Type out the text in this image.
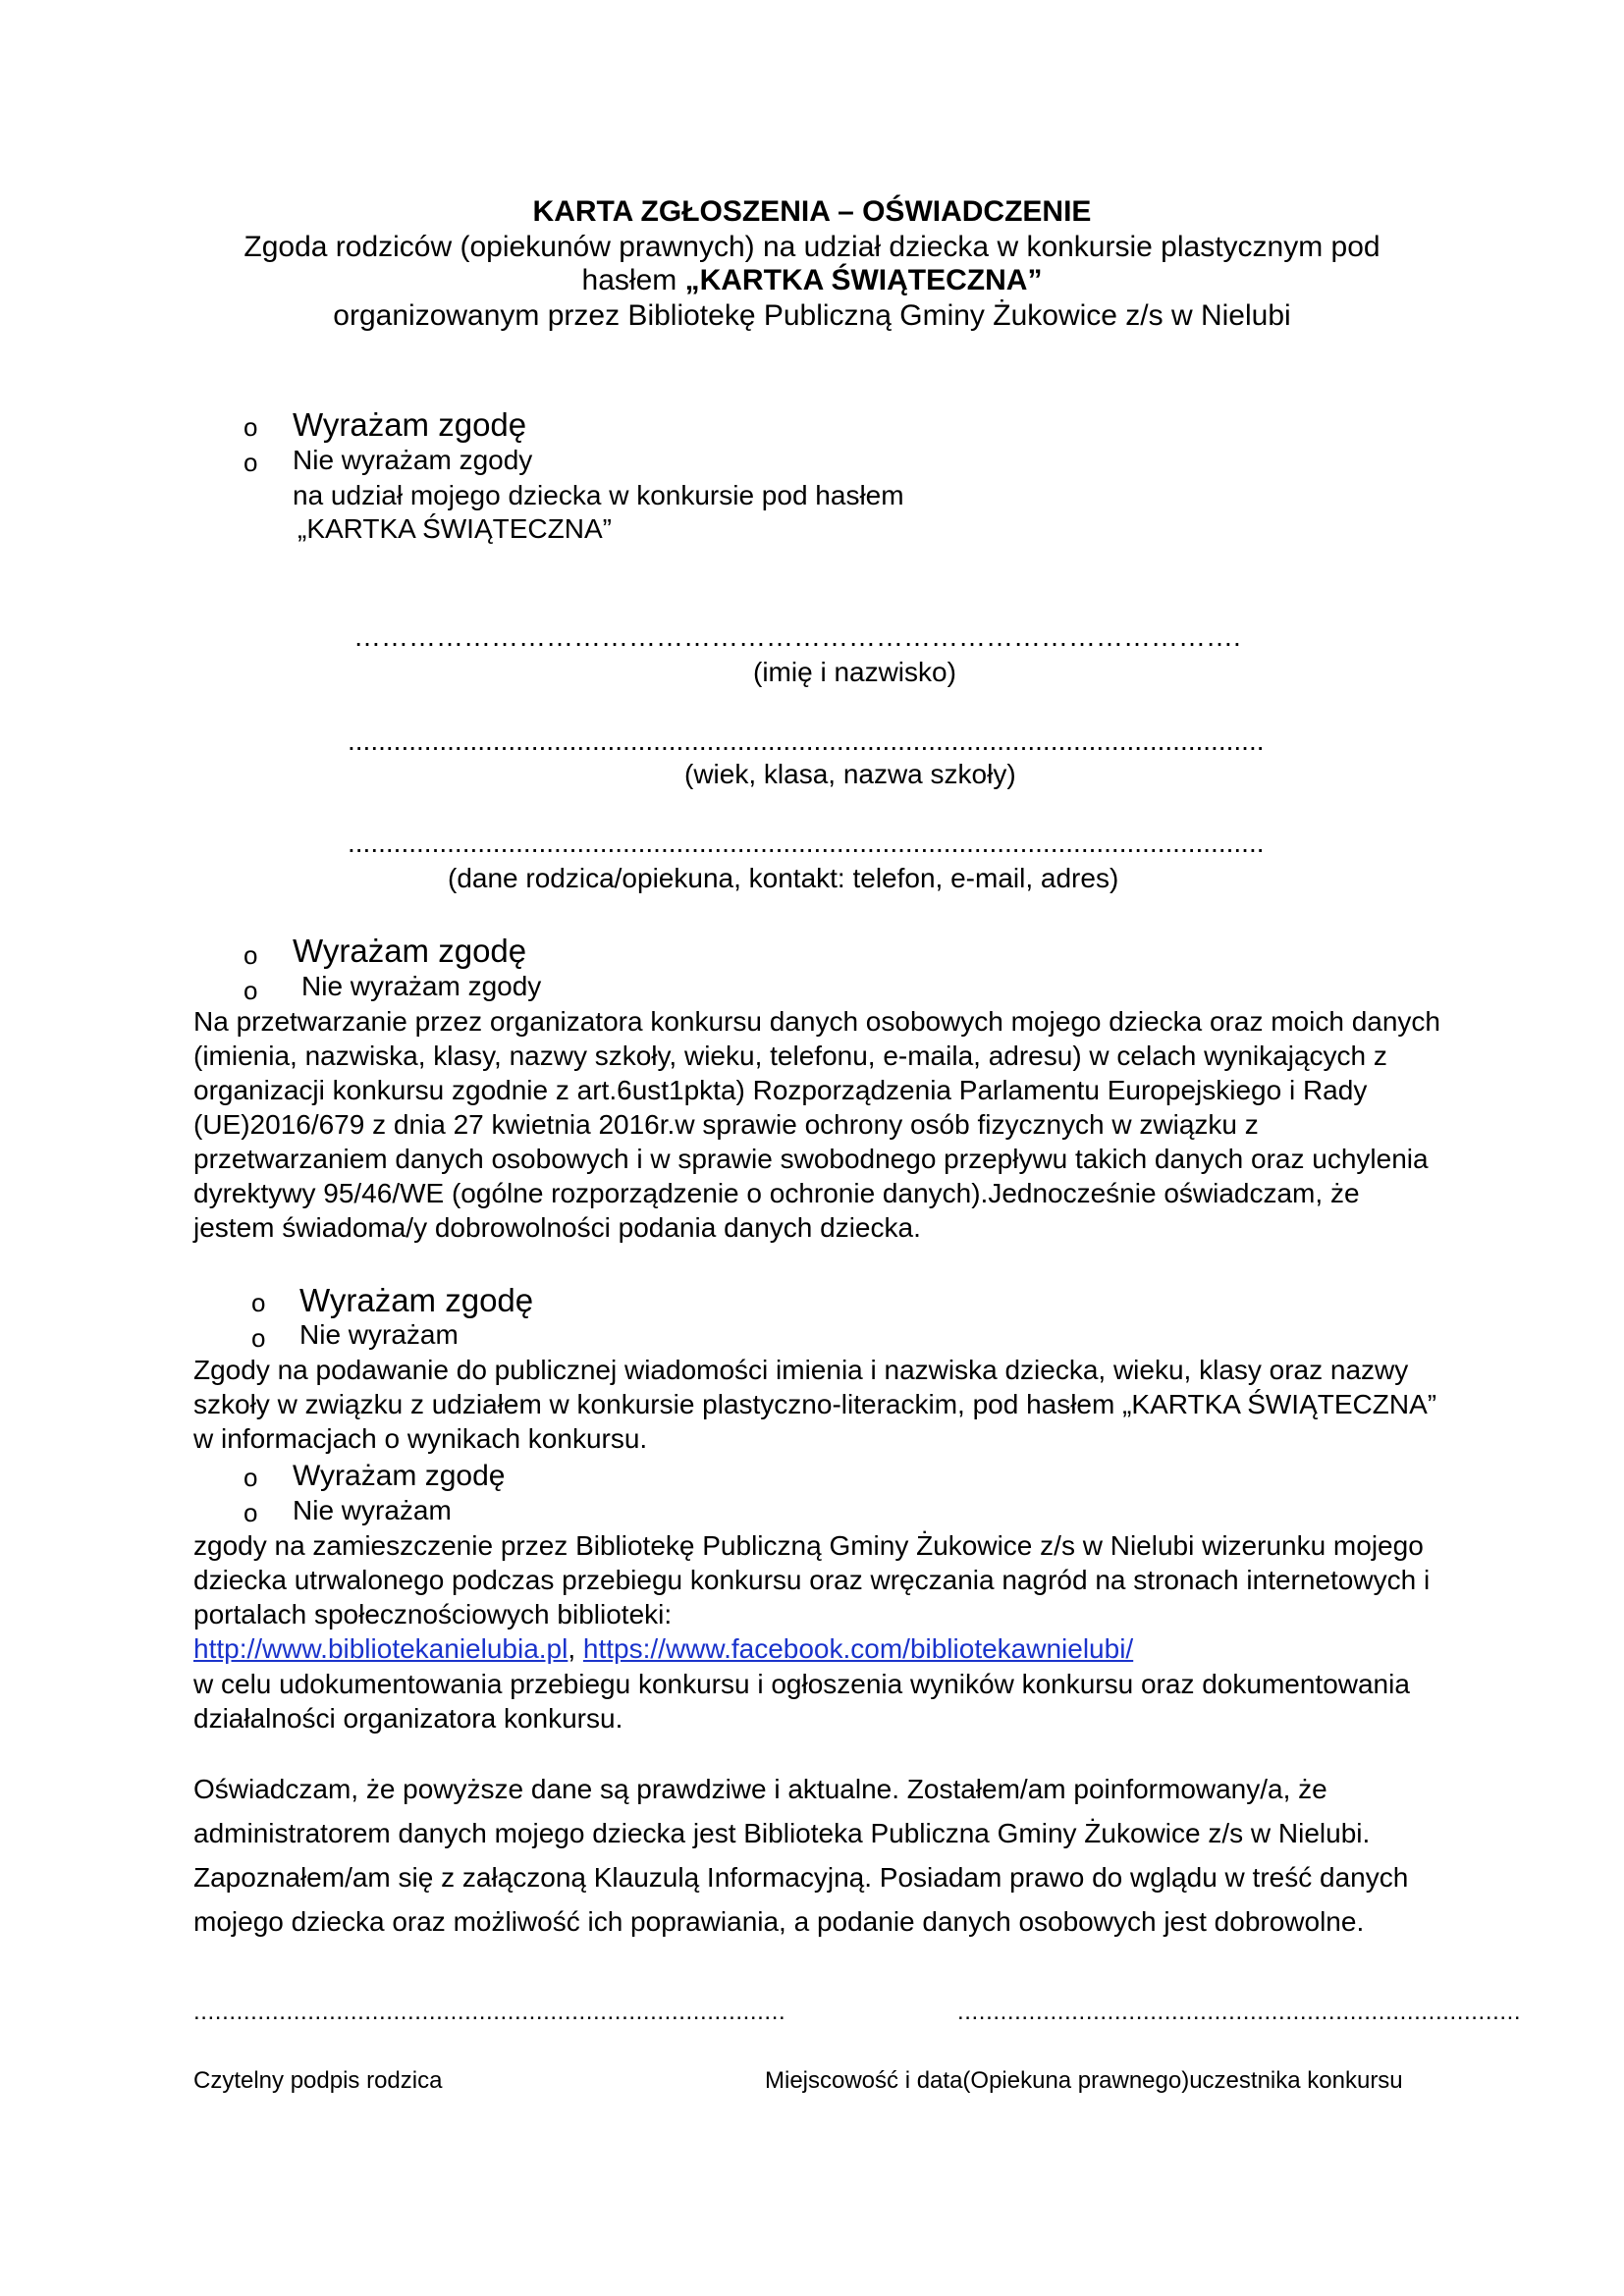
KARTA ZGŁOSZENIA – OŚWIADCZENIE
Zgoda rodziców (opiekunów prawnych) na udział dziecka w konkursie plastycznym pod
hasłem „KARTKA ŚWIĄTECZNA”
organizowanym przez Bibliotekę Publiczną Gminy Żukowice z/s w Nielubi
o Wyrażam zgodę
o Nie wyrażam zgody
na udział mojego dziecka w konkursie pod hasłem
„KARTKA ŚWIĄTECZNA”
…………………………………………………………………………………….
(imię i nazwisko)
........................................................................................................................
(wiek, klasa, nazwa szkoły)
........................................................................................................................
(dane rodzica/opiekuna, kontakt: telefon, e-mail, adres)
o Wyrażam zgodę
o Nie wyrażam zgody
Na przetwarzanie przez organizatora konkursu danych osobowych mojego dziecka oraz moich danych (imienia, nazwiska, klasy, nazwy szkoły, wieku, telefonu, e-maila, adresu) w celach wynikających z organizacji konkursu zgodnie z art.6ust1pkta) Rozporządzenia Parlamentu Europejskiego i Rady (UE)2016/679 z dnia 27 kwietnia 2016r.w sprawie ochrony osób fizycznych w związku z przetwarzaniem danych osobowych i w sprawie swobodnego przepływu takich danych oraz uchylenia dyrektywy 95/46/WE (ogólne rozporządzenie o ochronie danych).Jednocześnie oświadczam, że jestem świadoma/y dobrowolności podania danych dziecka.
o Wyrażam zgodę
o Nie wyrażam
Zgody na podawanie do publicznej wiadomości imienia i nazwiska dziecka, wieku, klasy oraz nazwy szkoły w związku z udziałem w konkursie plastyczno-literackim, pod hasłem „KARTKA ŚWIĄTECZNA” w informacjach o wynikach konkursu.
o Wyrażam zgodę
o Nie wyrażam
zgody na zamieszczenie przez Bibliotekę Publiczną Gminy Żukowice z/s w Nielubi wizerunku mojego dziecka utrwalonego podczas przebiegu konkursu oraz wręczania nagród na stronach internetowych i portalach społecznościowych biblioteki:
http://www.bibliotekanielubia.pl, https://www.facebook.com/bibliotekawnielubi/
w celu udokumentowania przebiegu konkursu i ogłoszenia wyników konkursu oraz dokumentowania działalności organizatora konkursu.
Oświadczam, że powyższe dane są prawdziwe i aktualne. Zostałem/am poinformowany/a, że administratorem danych mojego dziecka jest Biblioteka Publiczna Gminy Żukowice z/s w Nielubi. Zapoznałem/am się z załączoną Klauzulą Informacyjną. Posiadam prawo do wglądu w treść danych mojego dziecka oraz możliwość ich poprawiania, a podanie danych osobowych jest dobrowolne.
...................................................................................	...............................................................................
Czytelny podpis rodzica	Miejscowość i data(Opiekuna prawnego)uczestnika konkursu
